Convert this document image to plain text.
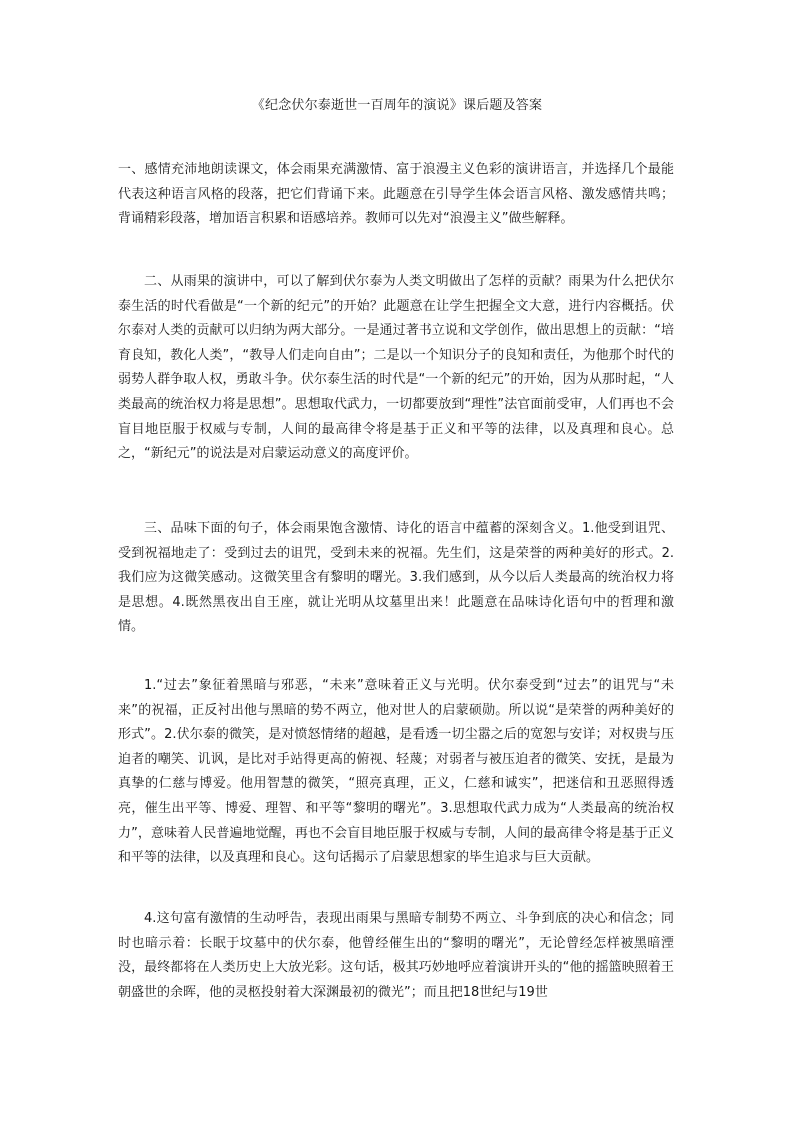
《纪念伏尔泰逝世一百周年的演说》课后题及答案

一、感情充沛地朗读课文，体会雨果充满激情、富于浪漫主义色彩的演讲语言，并选择几个最能代表这种语言风格的段落，把它们背诵下来。此题意在引导学生体会语言风格、激发感情共鸣；背诵精彩段落，增加语言积累和语感培养。教师可以先对“浪漫主义”做些解释。

二、从雨果的演讲中，可以了解到伏尔泰为人类文明做出了怎样的贡献？雨果为什么把伏尔泰生活的时代看做是“一个新的纪元”的开始？此题意在让学生把握全文大意，进行内容概括。伏尔泰对人类的贡献可以归纳为两大部分。一是通过著书立说和文学创作，做出思想上的贡献：“培育良知，教化人类”，“教导人们走向自由”；二是以一个知识分子的良知和责任，为他那个时代的弱势人群争取人权，勇敢斗争。伏尔泰生活的时代是“一个新的纪元”的开始，因为从那时起，“人类最高的统治权力将是思想”。思想取代武力，一切都要放到“理性”法官面前受审，人们再也不会盲目地臣服于权威与专制，人间的最高律令将是基于正义和平等的法律，以及真理和良心。总之，“新纪元”的说法是对启蒙运动意义的高度评价。

三、品味下面的句子，体会雨果饱含激情、诗化的语言中蕴蓄的深刻含义。1.他受到诅咒、受到祝福地走了：受到过去的诅咒，受到未来的祝福。先生们，这是荣誉的两种美好的形式。2.我们应为这微笑感动。这微笑里含有黎明的曙光。3.我们感到，从今以后人类最高的统治权力将是思想。4.既然黑夜出自王座，就让光明从坟墓里出来！此题意在品味诗化语句中的哲理和激情。

1.“过去”象征着黑暗与邪恶，“未来”意味着正义与光明。伏尔泰受到“过去”的诅咒与“未来”的祝福，正反衬出他与黑暗的势不两立，他对世人的启蒙硕勋。所以说“是荣誉的两种美好的形式”。2.伏尔泰的微笑，是对愤怒情绪的超越，是看透一切尘嚣之后的宽恕与安详；对权贵与压迫者的嘲笑、讥讽，是比对手站得更高的俯视、轻蔑；对弱者与被压迫者的微笑、安抚，是最为真挚的仁慈与博爱。他用智慧的微笑，“照亮真理，正义，仁慈和诚实”，把迷信和丑恶照得透亮，催生出平等、博爱、理智、和平等“黎明的曙光”。3.思想取代武力成为“人类最高的统治权力”，意味着人民普遍地觉醒，再也不会盲目地臣服于权威与专制，人间的最高律令将是基于正义和平等的法律，以及真理和良心。这句话揭示了启蒙思想家的毕生追求与巨大贡献。

4.这句富有激情的生动呼告，表现出雨果与黑暗专制势不两立、斗争到底的决心和信念；同时也暗示着：长眠于坟墓中的伏尔泰，他曾经催生出的“黎明的曙光”，无论曾经怎样被黑暗湮没，最终都将在人类历史上大放光彩。这句话，极其巧妙地呼应着演讲开头的“他的摇篮映照着王朝盛世的余晖，他的灵柩投射着大深渊最初的微光”；而且把18世纪与19世
